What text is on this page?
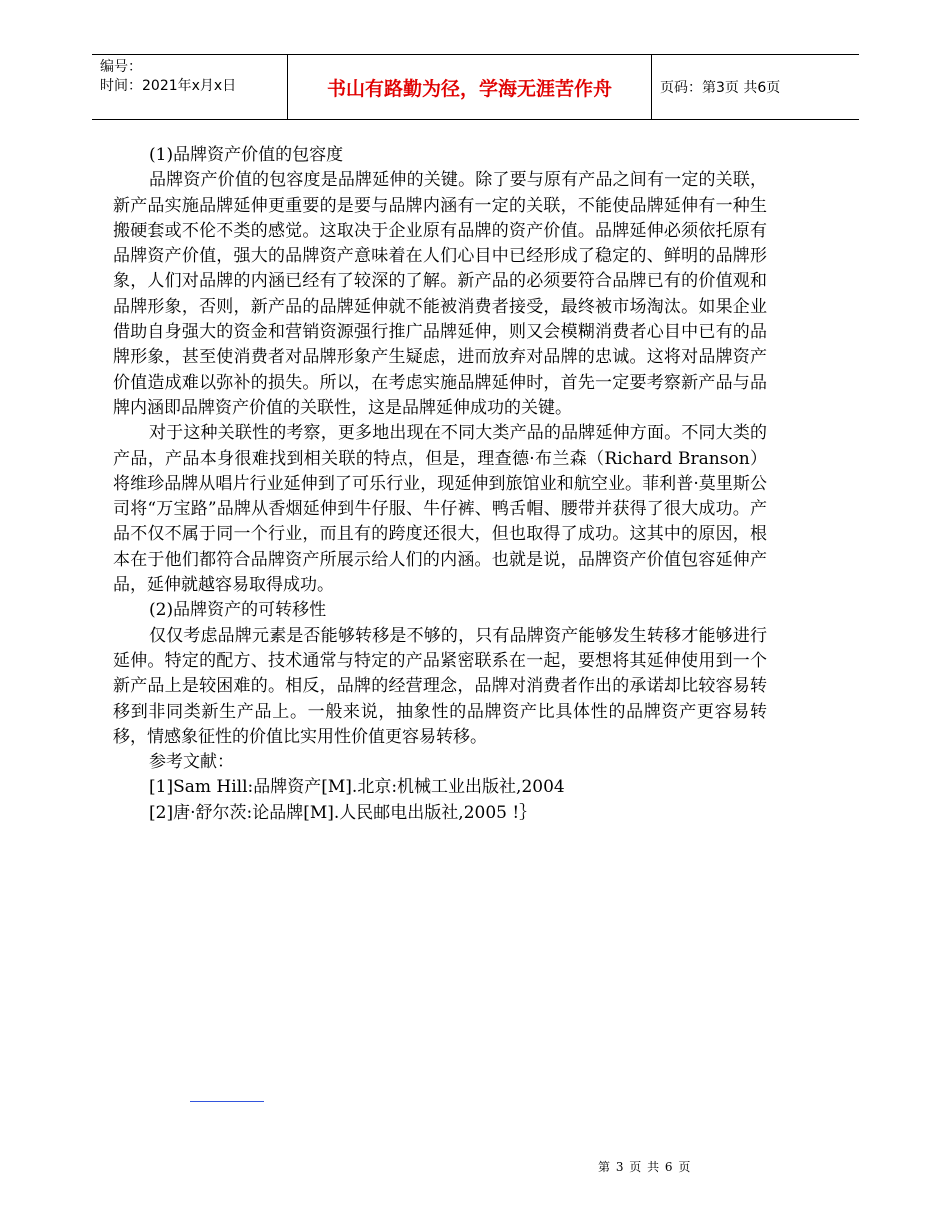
编号：
时间：2021年x月x日	书山有路勤为径，学海无涯苦作舟	页码：第3页 共6页

(1)品牌资产价值的包容度

品牌资产价值的包容度是品牌延伸的关键。除了要与原有产品之间有一定的关联，新产品实施品牌延伸更重要的是要与品牌内涵有一定的关联，不能使品牌延伸有一种生搬硬套或不伦不类的感觉。这取决于企业原有品牌的资产价值。品牌延伸必须依托原有品牌资产价值，强大的品牌资产意味着在人们心目中已经形成了稳定的、鲜明的品牌形象，人们对品牌的内涵已经有了较深的了解。新产品的必须要符合品牌已有的价值观和品牌形象，否则，新产品的品牌延伸就不能被消费者接受，最终被市场淘汰。如果企业借助自身强大的资金和营销资源强行推广品牌延伸，则又会模糊消费者心目中已有的品牌形象，甚至使消费者对品牌形象产生疑虑，进而放弃对品牌的忠诚。这将对品牌资产价值造成难以弥补的损失。所以，在考虑实施品牌延伸时，首先一定要考察新产品与品牌内涵即品牌资产价值的关联性，这是品牌延伸成功的关键。

对于这种关联性的考察，更多地出现在不同大类产品的品牌延伸方面。不同大类的产品，产品本身很难找到相关联的特点，但是，理查德·布兰森（Richard Branson）将维珍品牌从唱片行业延伸到了可乐行业，现延伸到旅馆业和航空业。菲利普·莫里斯公司将“万宝路”品牌从香烟延伸到牛仔服、牛仔裤、鸭舌帽、腰带并获得了很大成功。产品不仅不属于同一个行业，而且有的跨度还很大，但也取得了成功。这其中的原因，根本在于他们都符合品牌资产所展示给人们的内涵。也就是说，品牌资产价值包容延伸产品，延伸就越容易取得成功。

(2)品牌资产的可转移性

仅仅考虑品牌元素是否能够转移是不够的，只有品牌资产能够发生转移才能够进行延伸。特定的配方、技术通常与特定的产品紧密联系在一起，要想将其延伸使用到一个新产品上是较困难的。相反，品牌的经营理念，品牌对消费者作出的承诺却比较容易转移到非同类新生产品上。一般来说，抽象性的品牌资产比具体性的品牌资产更容易转移，情感象征性的价值比实用性价值更容易转移。

参考文献：

[1]Sam Hill:品牌资产[M].北京:机械工业出版社,2004

[2]唐·舒尔茨:论品牌[M].人民邮电出版社,2005 !｝

第 3 页 共 6 页
